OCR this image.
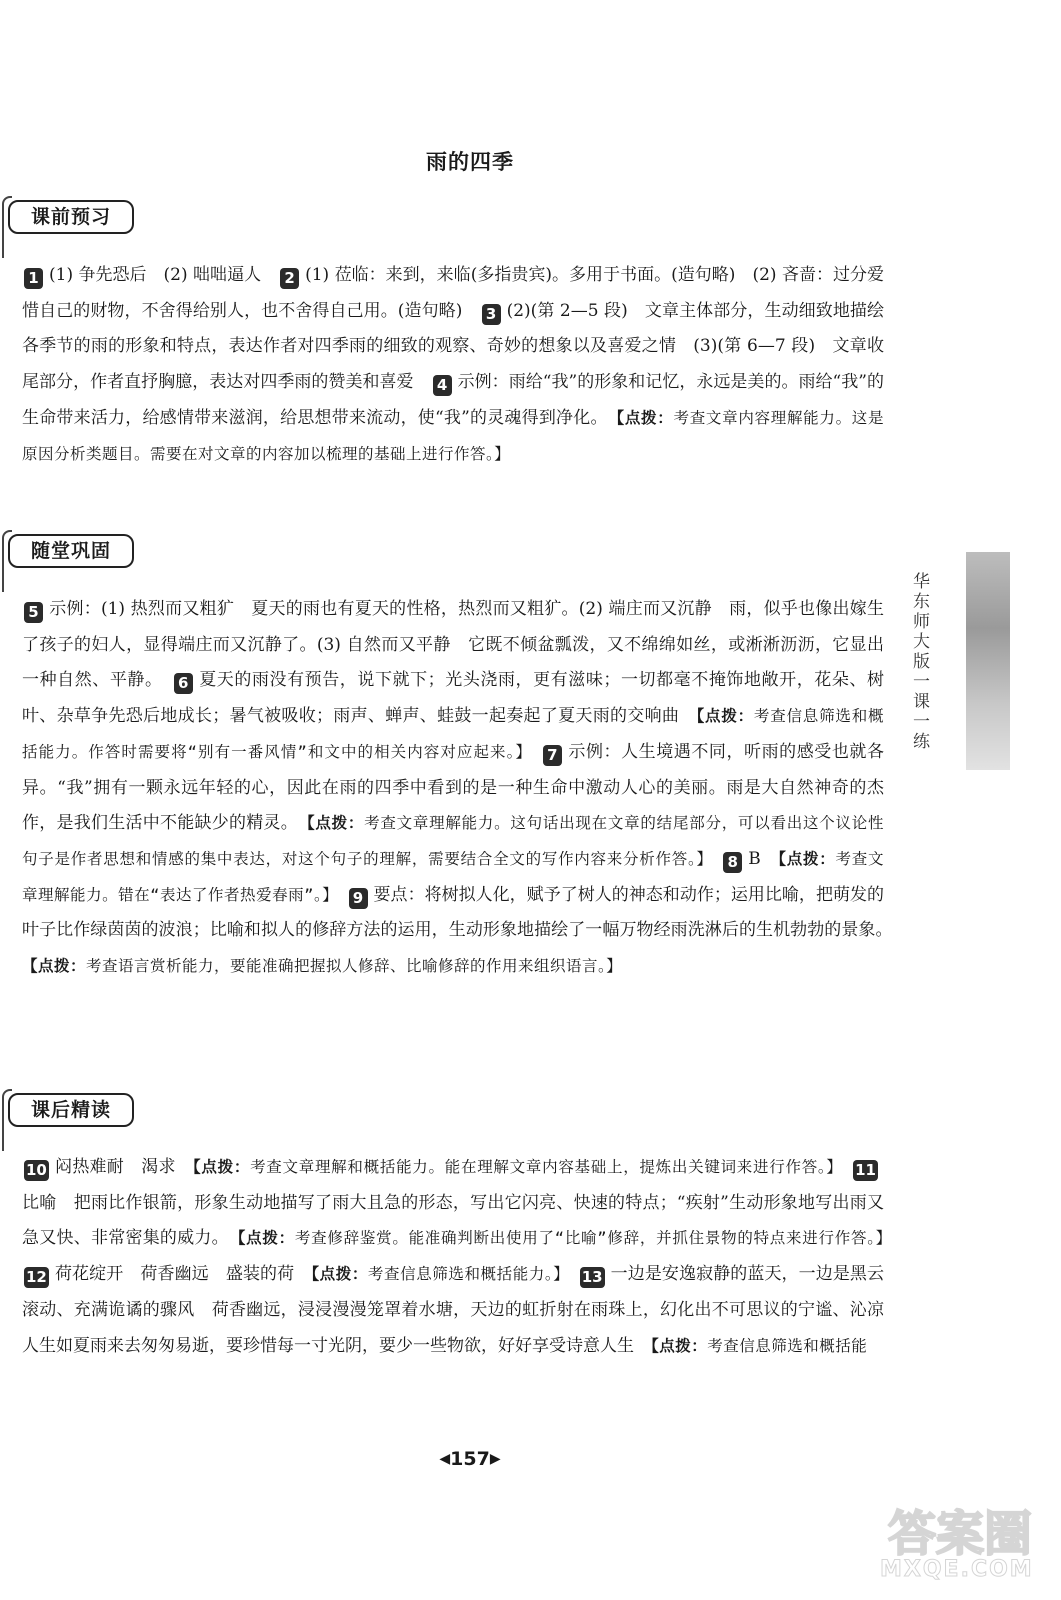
雨的四季
课前预习
1 (1) 争先恐后　(2) 咄咄逼人　2 (1) 莅临：来到，来临(多指贵宾)。多用于书面。(造句略)　(2) 吝啬：过分爱惜自己的财物，不舍得给别人，也不舍得自己用。(造句略)　3 (2)(第 2—5 段)　文章主体部分，生动细致地描绘各季节的雨的形象和特点，表达作者对四季雨的细致的观察、奇妙的想象以及喜爱之情　(3)(第 6—7 段)　文章收尾部分，作者直抒胸臆，表达对四季雨的赞美和喜爱　4 示例：雨给“我”的形象和记忆，永远是美的。雨给“我”的生命带来活力，给感情带来滋润，给思想带来流动，使“我”的灵魂得到净化。　【点拨：考查文章内容理解能力。这是原因分析类题目。需要在对文章的内容加以梳理的基础上进行作答。】
随堂巩固
5 示例：(1) 热烈而又粗犷　夏天的雨也有夏天的性格，热烈而又粗犷。(2) 端庄而又沉静　雨，似乎也像出嫁生了孩子的妇人，显得端庄而又沉静了。(3) 自然而又平静　它既不倾盆瓢泼，又不绵绵如丝，或淅淅沥沥，它显出一种自然、平静。　6 夏天的雨没有预告，说下就下；光头浇雨，更有滋味；一切都毫不掩饰地敞开，花朵、树叶、杂草争先恐后地成长；暑气被吸收；雨声、蝉声、蛙鼓一起奏起了夏天雨的交响曲　【点拨：考查信息筛选和概括能力。作答时需要将“别有一番风情”和文中的相关内容对应起来。】　7 示例：人生境遇不同，听雨的感受也就各异。“我”拥有一颗永远年轻的心，因此在雨的四季中看到的是一种生命中激动人心的美丽。雨是大自然神奇的杰作，是我们生活中不能缺少的精灵。　【点拨：考查文章理解能力。这句话出现在文章的结尾部分，可以看出这个议论性句子是作者思想和情感的集中表达，对这个句子的理解，需要结合全文的写作内容来分析作答。】　8 B　【点拨：考查文章理解能力。错在“表达了作者热爱春雨”。】　9 要点：将树拟人化，赋予了树人的神态和动作；运用比喻，把萌发的叶子比作绿茵茵的波浪；比喻和拟人的修辞方法的运用，生动形象地描绘了一幅万物经雨洗淋后的生机勃勃的景象。　【点拨：考查语言赏析能力，要能准确把握拟人修辞、比喻修辞的作用来组织语言。】
课后精读
10 闷热难耐　渴求　【点拨：考查文章理解和概括能力。能在理解文章内容基础上，提炼出关键词来进行作答。】　11比喻　把雨比作银箭，形象生动地描写了雨大且急的形态，写出它闪亮、快速的特点；“疾射”生动形象地写出雨又急又快、非常密集的威力。　【点拨：考查修辞鉴赏。能准确判断出使用了“比喻”修辞，并抓住景物的特点来进行作答。】　12 荷花绽开　荷香幽远　盛装的荷　【点拨：考查信息筛选和概括能力。】　13 一边是安逸寂静的蓝天，一边是黑云滚动、充满诡谲的骤风　荷香幽远，浸浸漫漫笼罩着水塘，天边的虹折射在雨珠上，幻化出不可思议的宁谧、沁凉　人生如夏雨来去匆匆易逝，要珍惜每一寸光阴，要少一些物欲，好好享受诗意人生　【点拨：考查信息筛选和概括能
华东师大版一课一练
◀157▶
答案圈
MXQE.COM
